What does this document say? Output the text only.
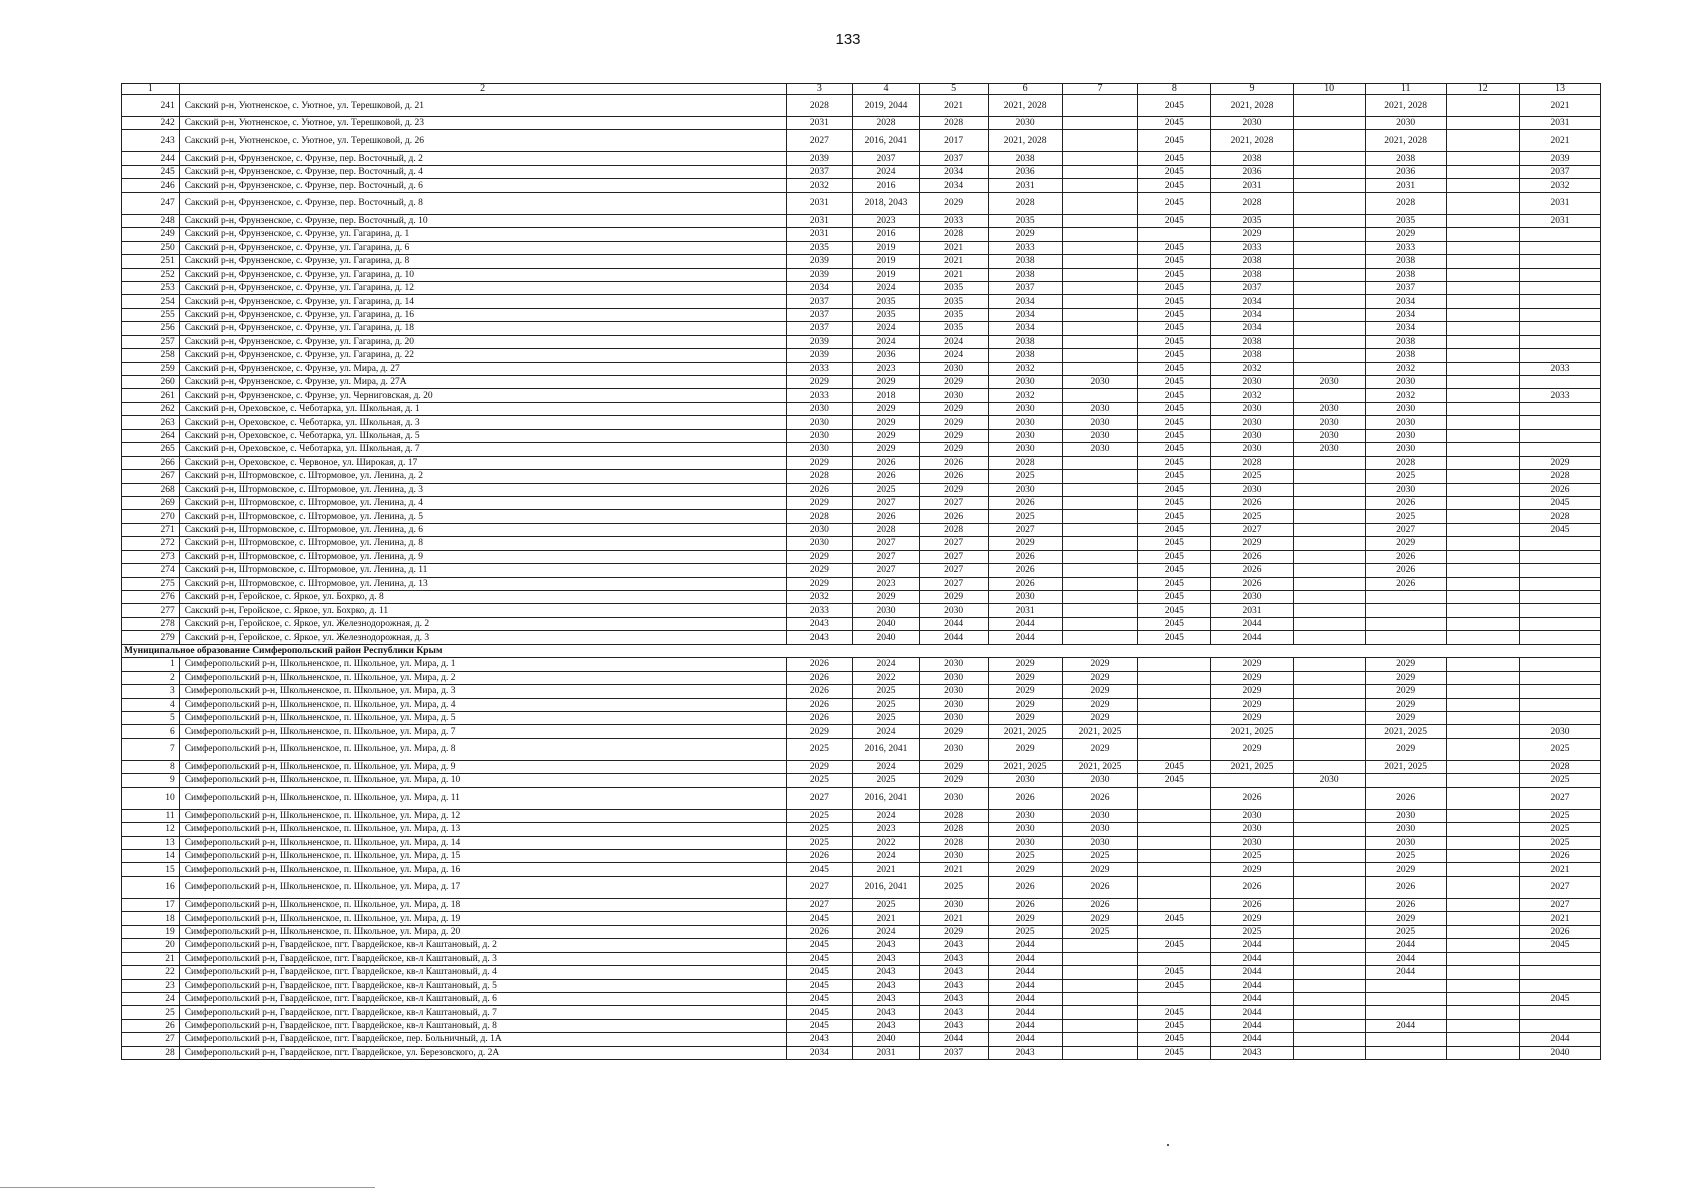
133
1	2	3	4	5	6	7	8	9	10	11	12	13
241	Сакский р-н, Уютненское, с. Уютное, ул. Терешковой, д. 21	2028	2019, 2044	2021	2021, 2028		2045	2021, 2028		2021, 2028		2021
242	Сакский р-н, Уютненское, с. Уютное, ул. Терешковой, д. 23	2031	2028	2028	2030		2045	2030		2030		2031
243	Сакский р-н, Уютненское, с. Уютное, ул. Терешковой, д. 26	2027	2016, 2041	2017	2021, 2028		2045	2021, 2028		2021, 2028		2021
244	Сакский р-н, Фрунзенское, с. Фрунзе, пер. Восточный, д. 2	2039	2037	2037	2038		2045	2038		2038		2039
245	Сакский р-н, Фрунзенское, с. Фрунзе, пер. Восточный, д. 4	2037	2024	2034	2036		2045	2036		2036		2037
246	Сакский р-н, Фрунзенское, с. Фрунзе, пер. Восточный, д. 6	2032	2016	2034	2031		2045	2031		2031		2032
247	Сакский р-н, Фрунзенское, с. Фрунзе, пер. Восточный, д. 8	2031	2018, 2043	2029	2028		2045	2028		2028		2031
248	Сакский р-н, Фрунзенское, с. Фрунзе, пер. Восточный, д. 10	2031	2023	2033	2035		2045	2035		2035		2031
249	Сакский р-н, Фрунзенское, с. Фрунзе, ул. Гагарина, д. 1	2031	2016	2028	2029			2029		2029		
250	Сакский р-н, Фрунзенское, с. Фрунзе, ул. Гагарина, д. 6	2035	2019	2021	2033		2045	2033		2033		
251	Сакский р-н, Фрунзенское, с. Фрунзе, ул. Гагарина, д. 8	2039	2019	2021	2038		2045	2038		2038		
252	Сакский р-н, Фрунзенское, с. Фрунзе, ул. Гагарина, д. 10	2039	2019	2021	2038		2045	2038		2038		
253	Сакский р-н, Фрунзенское, с. Фрунзе, ул. Гагарина, д. 12	2034	2024	2035	2037		2045	2037		2037		
254	Сакский р-н, Фрунзенское, с. Фрунзе, ул. Гагарина, д. 14	2037	2035	2035	2034		2045	2034		2034		
255	Сакский р-н, Фрунзенское, с. Фрунзе, ул. Гагарина, д. 16	2037	2035	2035	2034		2045	2034		2034		
256	Сакский р-н, Фрунзенское, с. Фрунзе, ул. Гагарина, д. 18	2037	2024	2035	2034		2045	2034		2034		
257	Сакский р-н, Фрунзенское, с. Фрунзе, ул. Гагарина, д. 20	2039	2024	2024	2038		2045	2038		2038		
258	Сакский р-н, Фрунзенское, с. Фрунзе, ул. Гагарина, д. 22	2039	2036	2024	2038		2045	2038		2038		
259	Сакский р-н, Фрунзенское, с. Фрунзе, ул. Мира, д. 27	2033	2023	2030	2032		2045	2032		2032		2033
260	Сакский р-н, Фрунзенское, с. Фрунзе, ул. Мира, д. 27А	2029	2029	2029	2030	2030	2045	2030	2030	2030		
261	Сакский р-н, Фрунзенское, с. Фрунзе, ул. Черниговская, д. 20	2033	2018	2030	2032		2045	2032		2032		2033
262	Сакский р-н, Ореховское, с. Чеботарка, ул. Школьная, д. 1	2030	2029	2029	2030	2030	2045	2030	2030	2030		
263	Сакский р-н, Ореховское, с. Чеботарка, ул. Школьная, д. 3	2030	2029	2029	2030	2030	2045	2030	2030	2030		
264	Сакский р-н, Ореховское, с. Чеботарка, ул. Школьная, д. 5	2030	2029	2029	2030	2030	2045	2030	2030	2030		
265	Сакский р-н, Ореховское, с. Чеботарка, ул. Школьная, д. 7	2030	2029	2029	2030	2030	2045	2030	2030	2030		
266	Сакский р-н, Ореховское, с. Червоное, ул. Широкая, д. 17	2029	2026	2026	2028		2045	2028		2028		2029
267	Сакский р-н, Штормовское, с. Штормовое, ул. Ленина, д. 2	2028	2026	2026	2025		2045	2025		2025		2028
268	Сакский р-н, Штормовское, с. Штормовое, ул. Ленина, д. 3	2026	2025	2029	2030		2045	2030		2030		2026
269	Сакский р-н, Штормовское, с. Штормовое, ул. Ленина, д. 4	2029	2027	2027	2026		2045	2026		2026		2045
270	Сакский р-н, Штормовское, с. Штормовое, ул. Ленина, д. 5	2028	2026	2026	2025		2045	2025		2025		2028
271	Сакский р-н, Штормовское, с. Штормовое, ул. Ленина, д. 6	2030	2028	2028	2027		2045	2027		2027		2045
272	Сакский р-н, Штормовское, с. Штормовое, ул. Ленина, д. 8	2030	2027	2027	2029		2045	2029		2029		
273	Сакский р-н, Штормовское, с. Штормовое, ул. Ленина, д. 9	2029	2027	2027	2026		2045	2026		2026		
274	Сакский р-н, Штормовское, с. Штормовое, ул. Ленина, д. 11	2029	2027	2027	2026		2045	2026		2026		
275	Сакский р-н, Штормовское, с. Штормовое, ул. Ленина, д. 13	2029	2023	2027	2026		2045	2026		2026		
276	Сакский р-н, Геройское, с. Яркое, ул. Бохрко, д. 8	2032	2029	2029	2030		2045	2030				
277	Сакский р-н, Геройское, с. Яркое, ул. Бохрко, д. 11	2033	2030	2030	2031		2045	2031				
278	Сакский р-н, Геройское, с. Яркое, ул. Железнодорожная, д. 2	2043	2040	2044	2044		2045	2044				
279	Сакский р-н, Геройское, с. Яркое, ул. Железнодорожная, д. 3	2043	2040	2044	2044		2045	2044				
Муниципальное образование Симферопольский район Республики Крым												
1	Симферопольский р-н, Школьненское, п. Школьное, ул. Мира, д. 1	2026	2024	2030	2029	2029		2029		2029		
2	Симферопольский р-н, Школьненское, п. Школьное, ул. Мира, д. 2	2026	2022	2030	2029	2029		2029		2029		
3	Симферопольский р-н, Школьненское, п. Школьное, ул. Мира, д. 3	2026	2025	2030	2029	2029		2029		2029		
4	Симферопольский р-н, Школьненское, п. Школьное, ул. Мира, д. 4	2026	2025	2030	2029	2029		2029		2029		
5	Симферопольский р-н, Школьненское, п. Школьное, ул. Мира, д. 5	2026	2025	2030	2029	2029		2029		2029		
6	Симферопольский р-н, Школьненское, п. Школьное, ул. Мира, д. 7	2029	2024	2029	2021, 2025	2021, 2025		2021, 2025		2021, 2025		2030
7	Симферопольский р-н, Школьненское, п. Школьное, ул. Мира, д. 8	2025	2016, 2041	2030	2029	2029		2029		2029		2025
8	Симферопольский р-н, Школьненское, п. Школьное, ул. Мира, д. 9	2029	2024	2029	2021, 2025	2021, 2025	2045	2021, 2025		2021, 2025		2028
9	Симферопольский р-н, Школьненское, п. Школьное, ул. Мира, д. 10	2025	2025	2029	2030	2030	2045		2030			2025
10	Симферопольский р-н, Школьненское, п. Школьное, ул. Мира, д. 11	2027	2016, 2041	2030	2026	2026		2026		2026		2027
11	Симферопольский р-н, Школьненское, п. Школьное, ул. Мира, д. 12	2025	2024	2028	2030	2030		2030		2030		2025
12	Симферопольский р-н, Школьненское, п. Школьное, ул. Мира, д. 13	2025	2023	2028	2030	2030		2030		2030		2025
13	Симферопольский р-н, Школьненское, п. Школьное, ул. Мира, д. 14	2025	2022	2028	2030	2030		2030		2030		2025
14	Симферопольский р-н, Школьненское, п. Школьное, ул. Мира, д. 15	2026	2024	2030	2025	2025		2025		2025		2026
15	Симферопольский р-н, Школьненское, п. Школьное, ул. Мира, д. 16	2045	2021	2021	2029	2029		2029		2029		2021
16	Симферопольский р-н, Школьненское, п. Школьное, ул. Мира, д. 17	2027	2016, 2041	2025	2026	2026		2026		2026		2027
17	Симферопольский р-н, Школьненское, п. Школьное, ул. Мира, д. 18	2027	2025	2030	2026	2026		2026		2026		2027
18	Симферопольский р-н, Школьненское, п. Школьное, ул. Мира, д. 19	2045	2021	2021	2029	2029	2045	2029		2029		2021
19	Симферопольский р-н, Школьненское, п. Школьное, ул. Мира, д. 20	2026	2024	2029	2025	2025		2025		2025		2026
20	Симферопольский р-н, Гвардейское, пгт. Гвардейское, кв-л Каштановый, д. 2	2045	2043	2043	2044		2045	2044		2044		2045
21	Симферопольский р-н, Гвардейское, пгт. Гвардейское, кв-л Каштановый, д. 3	2045	2043	2043	2044			2044		2044		
22	Симферопольский р-н, Гвардейское, пгт. Гвардейское, кв-л Каштановый, д. 4	2045	2043	2043	2044		2045	2044		2044		
23	Симферопольский р-н, Гвардейское, пгт. Гвардейское, кв-л Каштановый, д. 5	2045	2043	2043	2044		2045	2044				
24	Симферопольский р-н, Гвардейское, пгт. Гвардейское, кв-л Каштановый, д. 6	2045	2043	2043	2044			2044				2045
25	Симферопольский р-н, Гвардейское, пгт. Гвардейское, кв-л Каштановый, д. 7	2045	2043	2043	2044		2045	2044				
26	Симферопольский р-н, Гвардейское, пгт. Гвардейское, кв-л Каштановый, д. 8	2045	2043	2043	2044		2045	2044		2044		
27	Симферопольский р-н, Гвардейское, пгт. Гвардейское, пер. Больничный, д. 1А	2043	2040	2044	2044		2045	2044				2044
28	Симферопольский р-н, Гвардейское, пгт. Гвардейское, ул. Березовского, д. 2А	2034	2031	2037	2043		2045	2043				2040
